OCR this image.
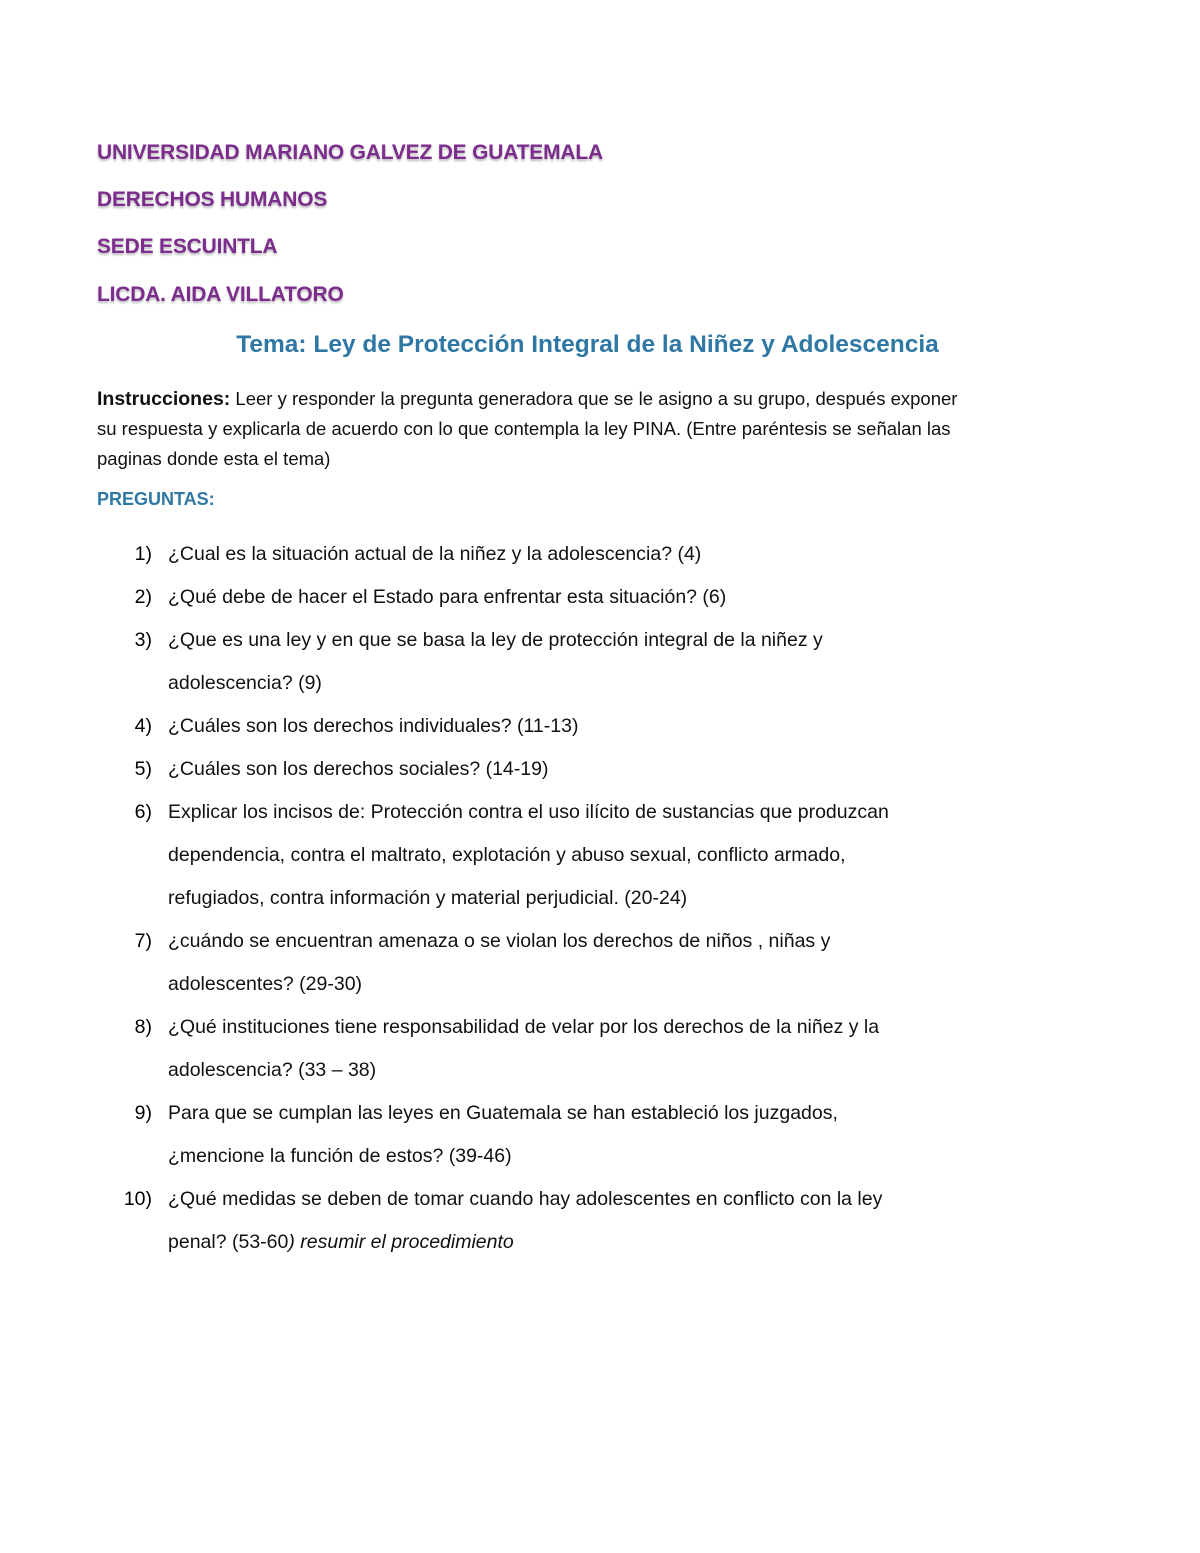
UNIVERSIDAD MARIANO GALVEZ DE GUATEMALA

DERECHOS HUMANOS

SEDE ESCUINTLA

LICDA. AIDA VILLATORO

Tema: Ley de Protección Integral de la Niñez y Adolescencia

Instrucciones: Leer y responder la pregunta generadora que se le asigno a su grupo, después exponer
su respuesta y explicarla de acuerdo con lo que contempla la ley PINA. (Entre paréntesis se señalan las
paginas donde esta el tema)

PREGUNTAS:

1) ¿Cual es la situación actual de la niñez y la adolescencia? (4)
2) ¿Qué debe de hacer el Estado para enfrentar esta situación? (6)
3) ¿Que es una ley y en que se basa la ley de protección integral de la niñez y
adolescencia? (9)
4) ¿Cuáles son los derechos individuales? (11-13)
5) ¿Cuáles son los derechos sociales? (14-19)
6) Explicar los incisos de: Protección contra el uso ilícito de sustancias que produzcan
dependencia, contra el maltrato, explotación y abuso sexual, conflicto armado,
refugiados, contra información y material perjudicial. (20-24)
7) ¿cuándo se encuentran amenaza o se violan los derechos de niños , niñas y
adolescentes? (29-30)
8) ¿Qué instituciones tiene responsabilidad de velar por los derechos de la niñez y la
adolescencia? (33 – 38)
9) Para que se cumplan las leyes en Guatemala se han estableció los juzgados,
¿mencione la función de estos? (39-46)
10) ¿Qué medidas se deben de tomar cuando hay adolescentes en conflicto con la ley
penal? (53-60) resumir el procedimiento
